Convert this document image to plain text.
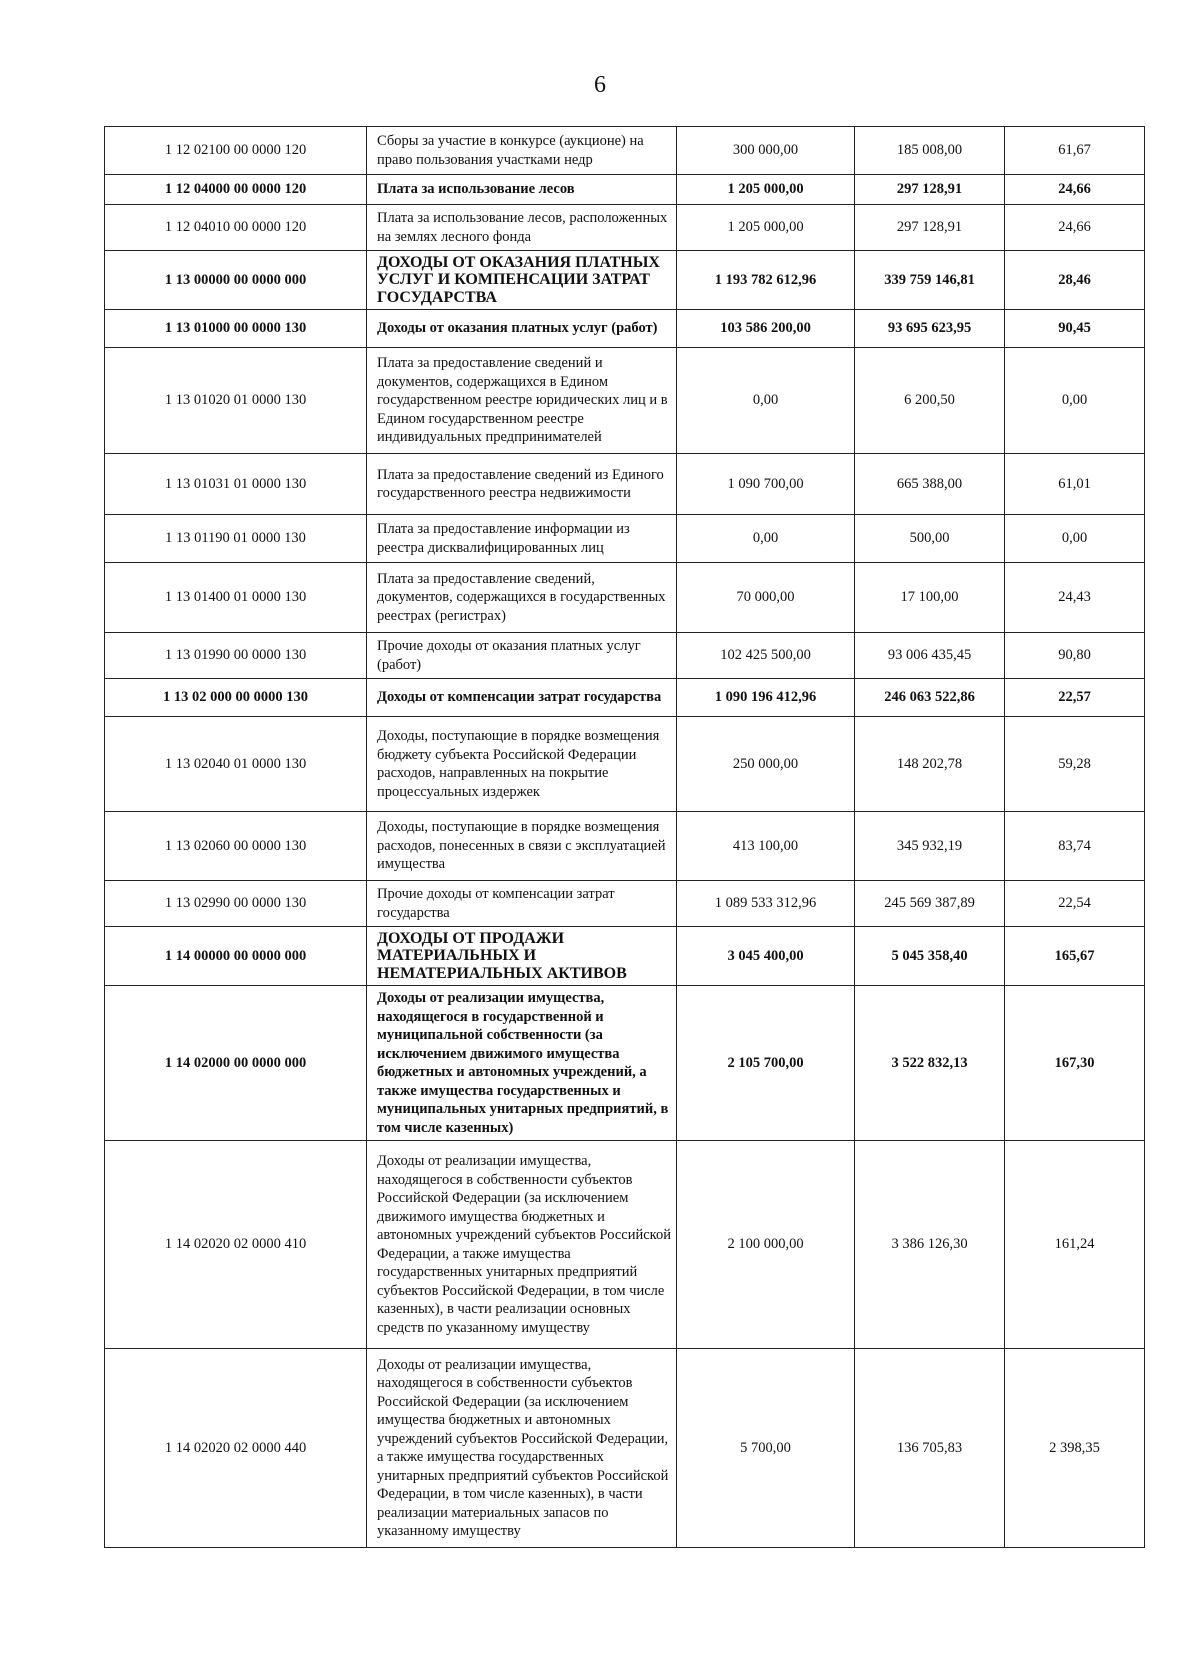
6
1 12 02100 00 0000 120	Сборы за участие в конкурсе (аукционе) на право пользования участками недр	300 000,00	185 008,00	61,67
1 12 04000 00 0000 120	Плата за использование лесов	1 205 000,00	297 128,91	24,66
1 12 04010 00 0000 120	Плата за использование лесов, расположенных на землях лесного фонда	1 205 000,00	297 128,91	24,66
1 13 00000 00 0000 000	ДОХОДЫ ОТ ОКАЗАНИЯ ПЛАТНЫХ УСЛУГ И КОМПЕНСАЦИИ ЗАТРАТ ГОСУДАРСТВА	1 193 782 612,96	339 759 146,81	28,46
1 13 01000 00 0000 130	Доходы от оказания платных услуг (работ)	103 586 200,00	93 695 623,95	90,45
1 13 01020 01 0000 130	Плата за предоставление сведений и документов, содержащихся в Едином государственном реестре юридических лиц и в Едином государственном реестре индивидуальных предпринимателей	0,00	6 200,50	0,00
1 13 01031 01 0000 130	Плата за предоставление сведений из Единого государственного реестра недвижимости	1 090 700,00	665 388,00	61,01
1 13 01190 01 0000 130	Плата за предоставление информации из реестра дисквалифицированных лиц	0,00	500,00	0,00
1 13 01400 01 0000 130	Плата за предоставление сведений, документов, содержащихся в государственных реестрах (регистрах)	70 000,00	17 100,00	24,43
1 13 01990 00 0000 130	Прочие доходы от оказания платных услуг (работ)	102 425 500,00	93 006 435,45	90,80
1 13 02 000 00 0000 130	Доходы от компенсации затрат государства	1 090 196 412,96	246 063 522,86	22,57
1 13 02040 01 0000 130	Доходы, поступающие в порядке возмещения бюджету субъекта Российской Федерации расходов, направленных на покрытие процессуальных издержек	250 000,00	148 202,78	59,28
1 13 02060 00 0000 130	Доходы, поступающие в порядке возмещения расходов, понесенных в связи с эксплуатацией имущества	413 100,00	345 932,19	83,74
1 13 02990 00 0000 130	Прочие доходы от компенсации затрат государства	1 089 533 312,96	245 569 387,89	22,54
1 14 00000 00 0000 000	ДОХОДЫ ОТ ПРОДАЖИ МАТЕРИАЛЬНЫХ И НЕМАТЕРИАЛЬНЫХ АКТИВОВ	3 045 400,00	5 045 358,40	165,67
1 14 02000 00 0000 000	Доходы от реализации имущества, находящегося в государственной и муниципальной собственности (за исключением движимого имущества бюджетных и автономных учреждений, а также имущества государственных и муниципальных унитарных предприятий, в том числе казенных)	2 105 700,00	3 522 832,13	167,30
1 14 02020 02 0000 410	Доходы от реализации имущества, находящегося в собственности субъектов Российской Федерации (за исключением движимого имущества бюджетных и автономных учреждений субъектов Российской Федерации, а также имущества государственных унитарных предприятий субъектов Российской Федерации, в том числе казенных), в части реализации основных средств по указанному имуществу	2 100 000,00	3 386 126,30	161,24
1 14 02020 02 0000 440	Доходы от реализации имущества, находящегося в собственности субъектов Российской Федерации (за исключением имущества бюджетных и автономных учреждений субъектов Российской Федерации, а также имущества государственных унитарных предприятий субъектов Российской Федерации, в том числе казенных), в части реализации материальных запасов по указанному имуществу	5 700,00	136 705,83	2 398,35
